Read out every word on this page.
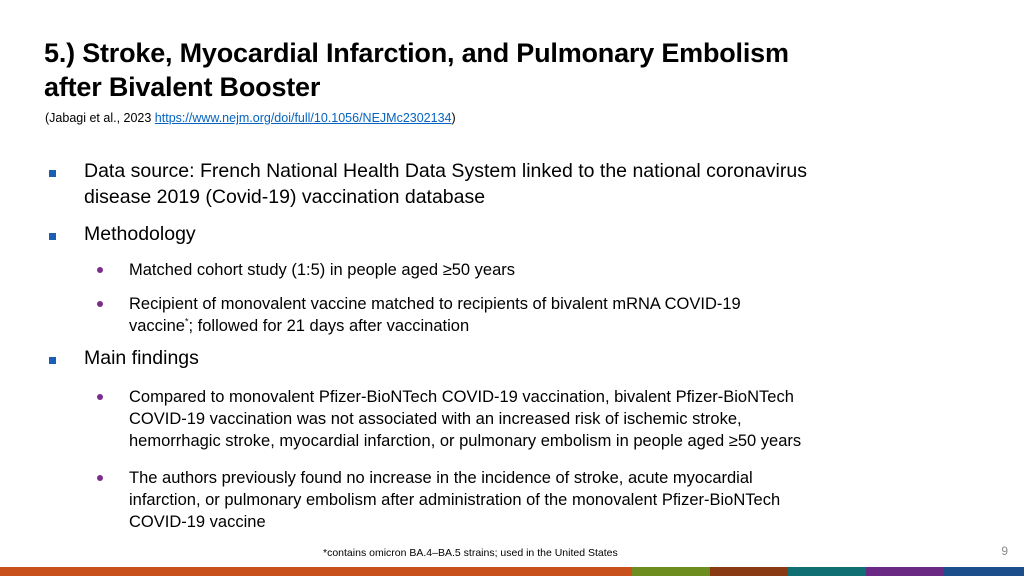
5.) Stroke, Myocardial Infarction, and Pulmonary Embolism
after Bivalent Booster
(Jabagi et al., 2023 https://www.nejm.org/doi/full/10.1056/NEJMc2302134)
Data source: French National Health Data System linked to the national coronavirus
disease 2019 (Covid-19) vaccination database
Methodology
Matched cohort study (1:5) in people aged ≥50 years
Recipient of monovalent vaccine matched to recipients of bivalent mRNA COVID-19
vaccine*; followed for 21 days after vaccination
Main findings
Compared to monovalent Pfizer-BioNTech COVID-19 vaccination, bivalent Pfizer-BioNTech
COVID-19 vaccination was not associated with an increased risk of ischemic stroke,
hemorrhagic stroke, myocardial infarction, or pulmonary embolism in people aged ≥50 years
The authors previously found no increase in the incidence of stroke, acute myocardial
infarction, or pulmonary embolism after administration of the monovalent Pfizer-BioNTech
COVID-19 vaccine
*contains omicron BA.4–BA.5 strains; used in the United States	9
